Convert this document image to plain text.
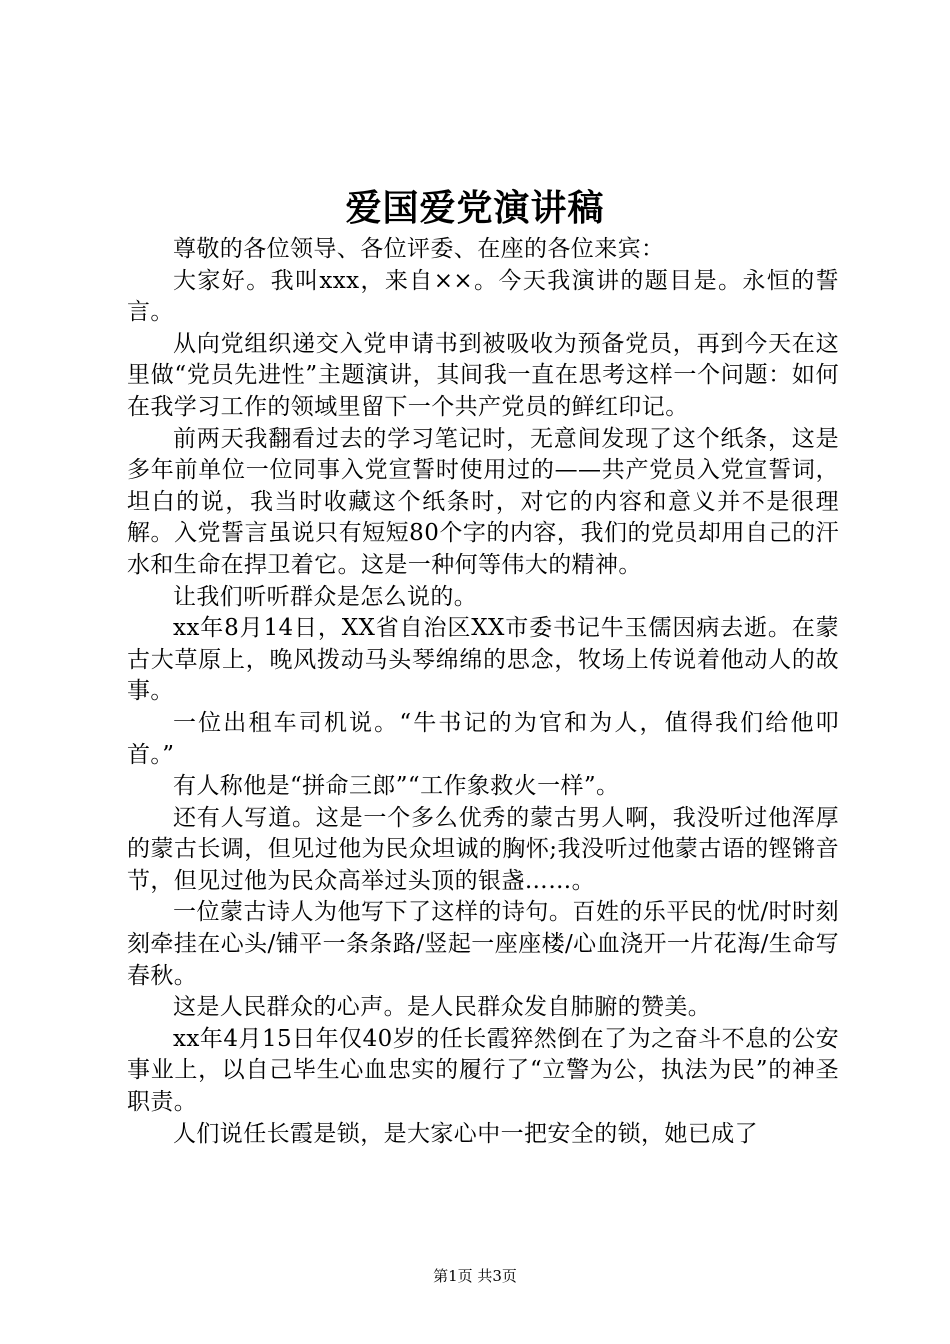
爱国爱党演讲稿

尊敬的各位领导、各位评委、在座的各位来宾：

大家好。我叫xxx，来自××。今天我演讲的题目是。永恒的誓言。

从向党组织递交入党申请书到被吸收为预备党员，再到今天在这里做“党员先进性”主题演讲，其间我一直在思考这样一个问题：如何在我学习工作的领域里留下一个共产党员的鲜红印记。

前两天我翻看过去的学习笔记时，无意间发现了这个纸条，这是多年前单位一位同事入党宣誓时使用过的——共产党员入党宣誓词，坦白的说，我当时收藏这个纸条时，对它的内容和意义并不是很理解。入党誓言虽说只有短短80个字的内容，我们的党员却用自己的汗水和生命在捍卫着它。这是一种何等伟大的精神。

让我们听听群众是怎么说的。

xx年8月14日，XX省自治区XX市委书记牛玉儒因病去逝。在蒙古大草原上，晚风拨动马头琴绵绵的思念，牧场上传说着他动人的故事。

一位出租车司机说。“牛书记的为官和为人，值得我们给他叩首。”

有人称他是“拼命三郎”“工作象救火一样”。

还有人写道。这是一个多么优秀的蒙古男人啊，我没听过他浑厚的蒙古长调，但见过他为民众坦诚的胸怀;我没听过他蒙古语的铿锵音节，但见过他为民众高举过头顶的银盏……。

一位蒙古诗人为他写下了这样的诗句。百姓的乐平民的忧/时时刻刻牵挂在心头/铺平一条条路/竖起一座座楼/心血浇开一片花海/生命写春秋。

这是人民群众的心声。是人民群众发自肺腑的赞美。

xx年4月15日年仅40岁的任长霞猝然倒在了为之奋斗不息的公安事业上，以自己毕生心血忠实的履行了“立警为公，执法为民”的神圣职责。

人们说任长霞是锁，是大家心中一把安全的锁，她已成了

第1页 共3页
